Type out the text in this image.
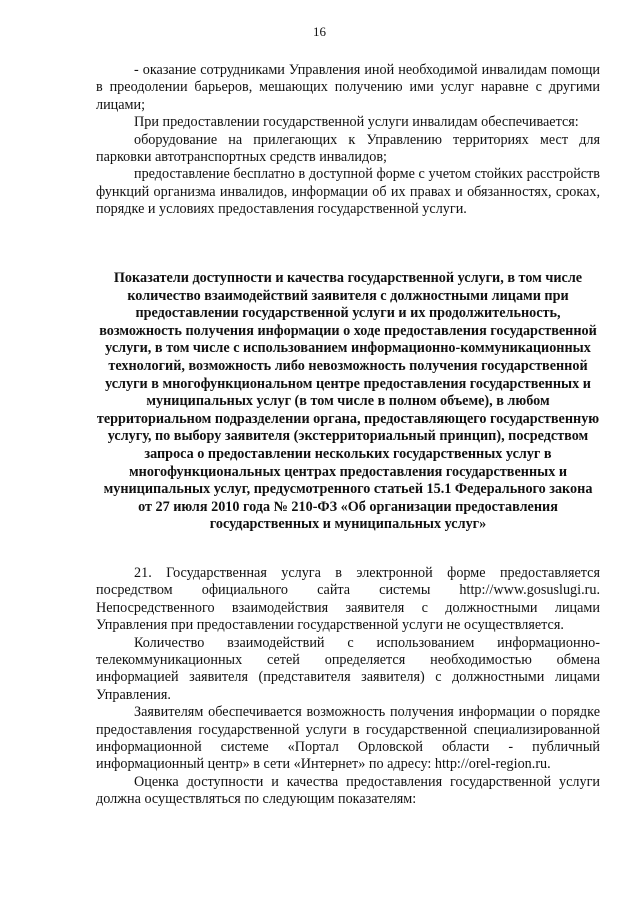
16

- оказание сотрудниками Управления иной необходимой инвалидам помощи в преодолении барьеров, мешающих получению ими услуг наравне с другими лицами;

При предоставлении государственной услуги инвалидам обеспечивается:

оборудование на прилегающих к Управлению территориях мест для парковки автотранспортных средств инвалидов;

предоставление бесплатно в доступной форме с учетом стойких расстройств функций организма инвалидов, информации об их правах и обязанностях, сроках, порядке и условиях предоставления государственной услуги.

Показатели доступности и качества государственной услуги, в том числе количество взаимодействий заявителя с должностными лицами при предоставлении государственной услуги и их продолжительность, возможность получения информации о ходе предоставления государственной услуги, в том числе с использованием информационно-коммуникационных технологий, возможность либо невозможность получения государственной услуги в многофункциональном центре предоставления государственных и муниципальных услуг (в том числе в полном объеме), в любом территориальном подразделении органа, предоставляющего государственную услугу, по выбору заявителя (экстерриториальный принцип), посредством запроса о предоставлении нескольких государственных услуг в многофункциональных центрах предоставления государственных и муниципальных услуг, предусмотренного статьей 15.1 Федерального закона от 27 июля 2010 года № 210-ФЗ «Об организации предоставления государственных и муниципальных услуг»

21. Государственная услуга в электронной форме предоставляется посредством официального сайта системы http://www.gosuslugi.ru. Непосредственного взаимодействия заявителя с должностными лицами Управления при предоставлении государственной услуги не осуществляется.

Количество взаимодействий с использованием информационно-телекоммуникационных сетей определяется необходимостью обмена информацией заявителя (представителя заявителя) с должностными лицами Управления.

Заявителям обеспечивается возможность получения информации о порядке предоставления государственной услуги в государственной специализированной информационной системе «Портал Орловской области - публичный информационный центр» в сети «Интернет» по адресу: http://orel-region.ru.

Оценка доступности и качества предоставления государственной услуги должна осуществляться по следующим показателям:
